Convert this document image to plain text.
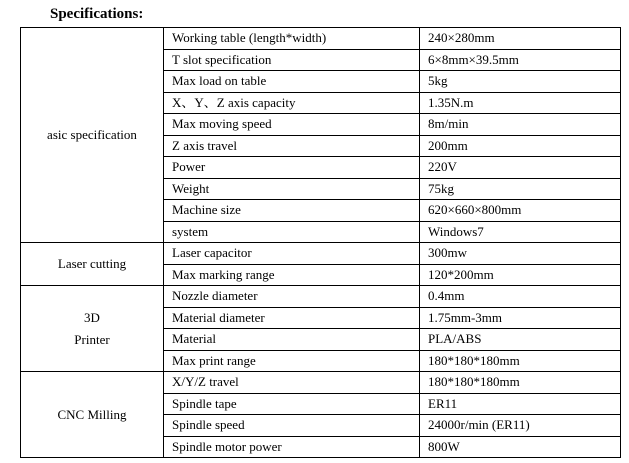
Specifications:
asic specification	Working table (length*width)	240×280mm
	T slot specification	6×8mm×39.5mm
	Max load on table	5kg
	X、Y、Z axis capacity	1.35N.m
	Max moving speed	8m/min
	Z axis travel	200mm
	Power	220V
	Weight	75kg
	Machine size	620×660×800mm
	system	Windows7
Laser cutting	Laser capacitor	300mw
	Max marking range	120*200mm
3D
Printer	Nozzle diameter	0.4mm
	Material diameter	1.75mm-3mm
	Material	PLA/ABS
	Max print range	180*180*180mm
CNC Milling	X/Y/Z travel	180*180*180mm
	Spindle tape	ER11
	Spindle speed	24000r/min (ER11)
	Spindle motor power	800W
